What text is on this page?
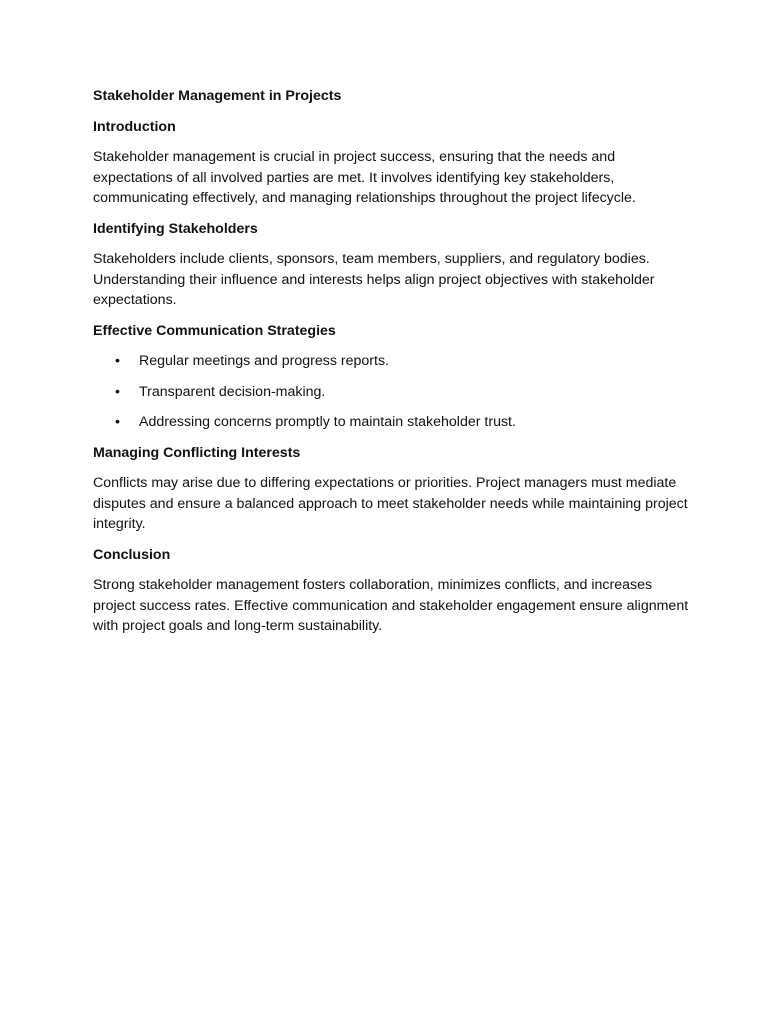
Stakeholder Management in Projects
Introduction
Stakeholder management is crucial in project success, ensuring that the needs and expectations of all involved parties are met. It involves identifying key stakeholders, communicating effectively, and managing relationships throughout the project lifecycle.
Identifying Stakeholders
Stakeholders include clients, sponsors, team members, suppliers, and regulatory bodies. Understanding their influence and interests helps align project objectives with stakeholder expectations.
Effective Communication Strategies
• Regular meetings and progress reports.
• Transparent decision-making.
• Addressing concerns promptly to maintain stakeholder trust.
Managing Conflicting Interests
Conflicts may arise due to differing expectations or priorities. Project managers must mediate disputes and ensure a balanced approach to meet stakeholder needs while maintaining project integrity.
Conclusion
Strong stakeholder management fosters collaboration, minimizes conflicts, and increases project success rates. Effective communication and stakeholder engagement ensure alignment with project goals and long-term sustainability.
